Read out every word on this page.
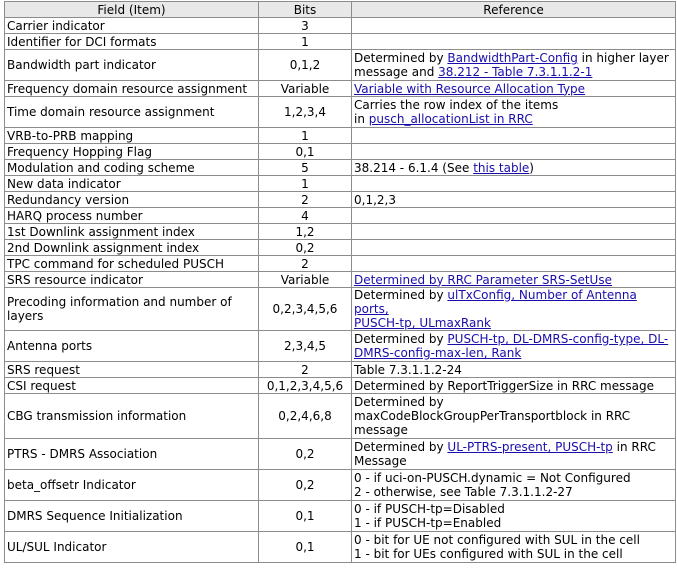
Field (Item)	Bits	Reference
Carrier indicator	3	
Identifier for DCI formats	1	
Bandwidth part indicator	0,1,2	Determined by BandwidthPart-Config in higher layer
message and 38.212 - Table 7.3.1.1.2-1

Frequency domain resource assignment	Variable	Variable with Resource Allocation Type

Time domain resource assignment	1,2,3,4	Carries the row index of the items
in pusch_allocationList in RRC

VRB-to-PRB mapping	1	
Frequency Hopping Flag	0,1	
Modulation and coding scheme	5	38.214 - 6.1.4 (See this table)

New data indicator	1	
Redundancy version	2	0,1,2,3

HARQ process number	4	
1st Downlink assignment index	1,2	
2nd Downlink assignment index	0,2	
TPC command for scheduled PUSCH	2	
SRS resource indicator	Variable	Determined by RRC Parameter SRS-SetUse

Precoding information and number of layers	0,2,3,4,5,6	Determined by ulTxConfig, Number of Antenna ports,
PUSCH-tp, ULmaxRank

Antenna ports	2,3,4,5	Determined by PUSCH-tp, DL-DMRS-config-type, DL-
DMRS-config-max-len, Rank

SRS request	2	Table 7.3.1.1.2-24

CSI request	0,1,2,3,4,5,6	Determined by ReportTriggerSize in RRC message

CBG transmission information	0,2,4,6,8	Determined by
maxCodeBlockGroupPerTransportblock in RRC
message

PTRS - DMRS Association	0,2	Determined by UL-PTRS-present, PUSCH-tp in RRC
Message

beta_offsetr Indicator	0,2	0 - if uci-on-PUSCH.dynamic = Not Configured
2 - otherwise, see Table 7.3.1.1.2-27

DMRS Sequence Initialization	0,1	0 - if PUSCH-tp=Disabled
1 - if PUSCH-tp=Enabled

UL/SUL Indicator	0,1	0 - bit for UE not configured with SUL in the cell
1 - bit for UEs configured with SUL in the cell
